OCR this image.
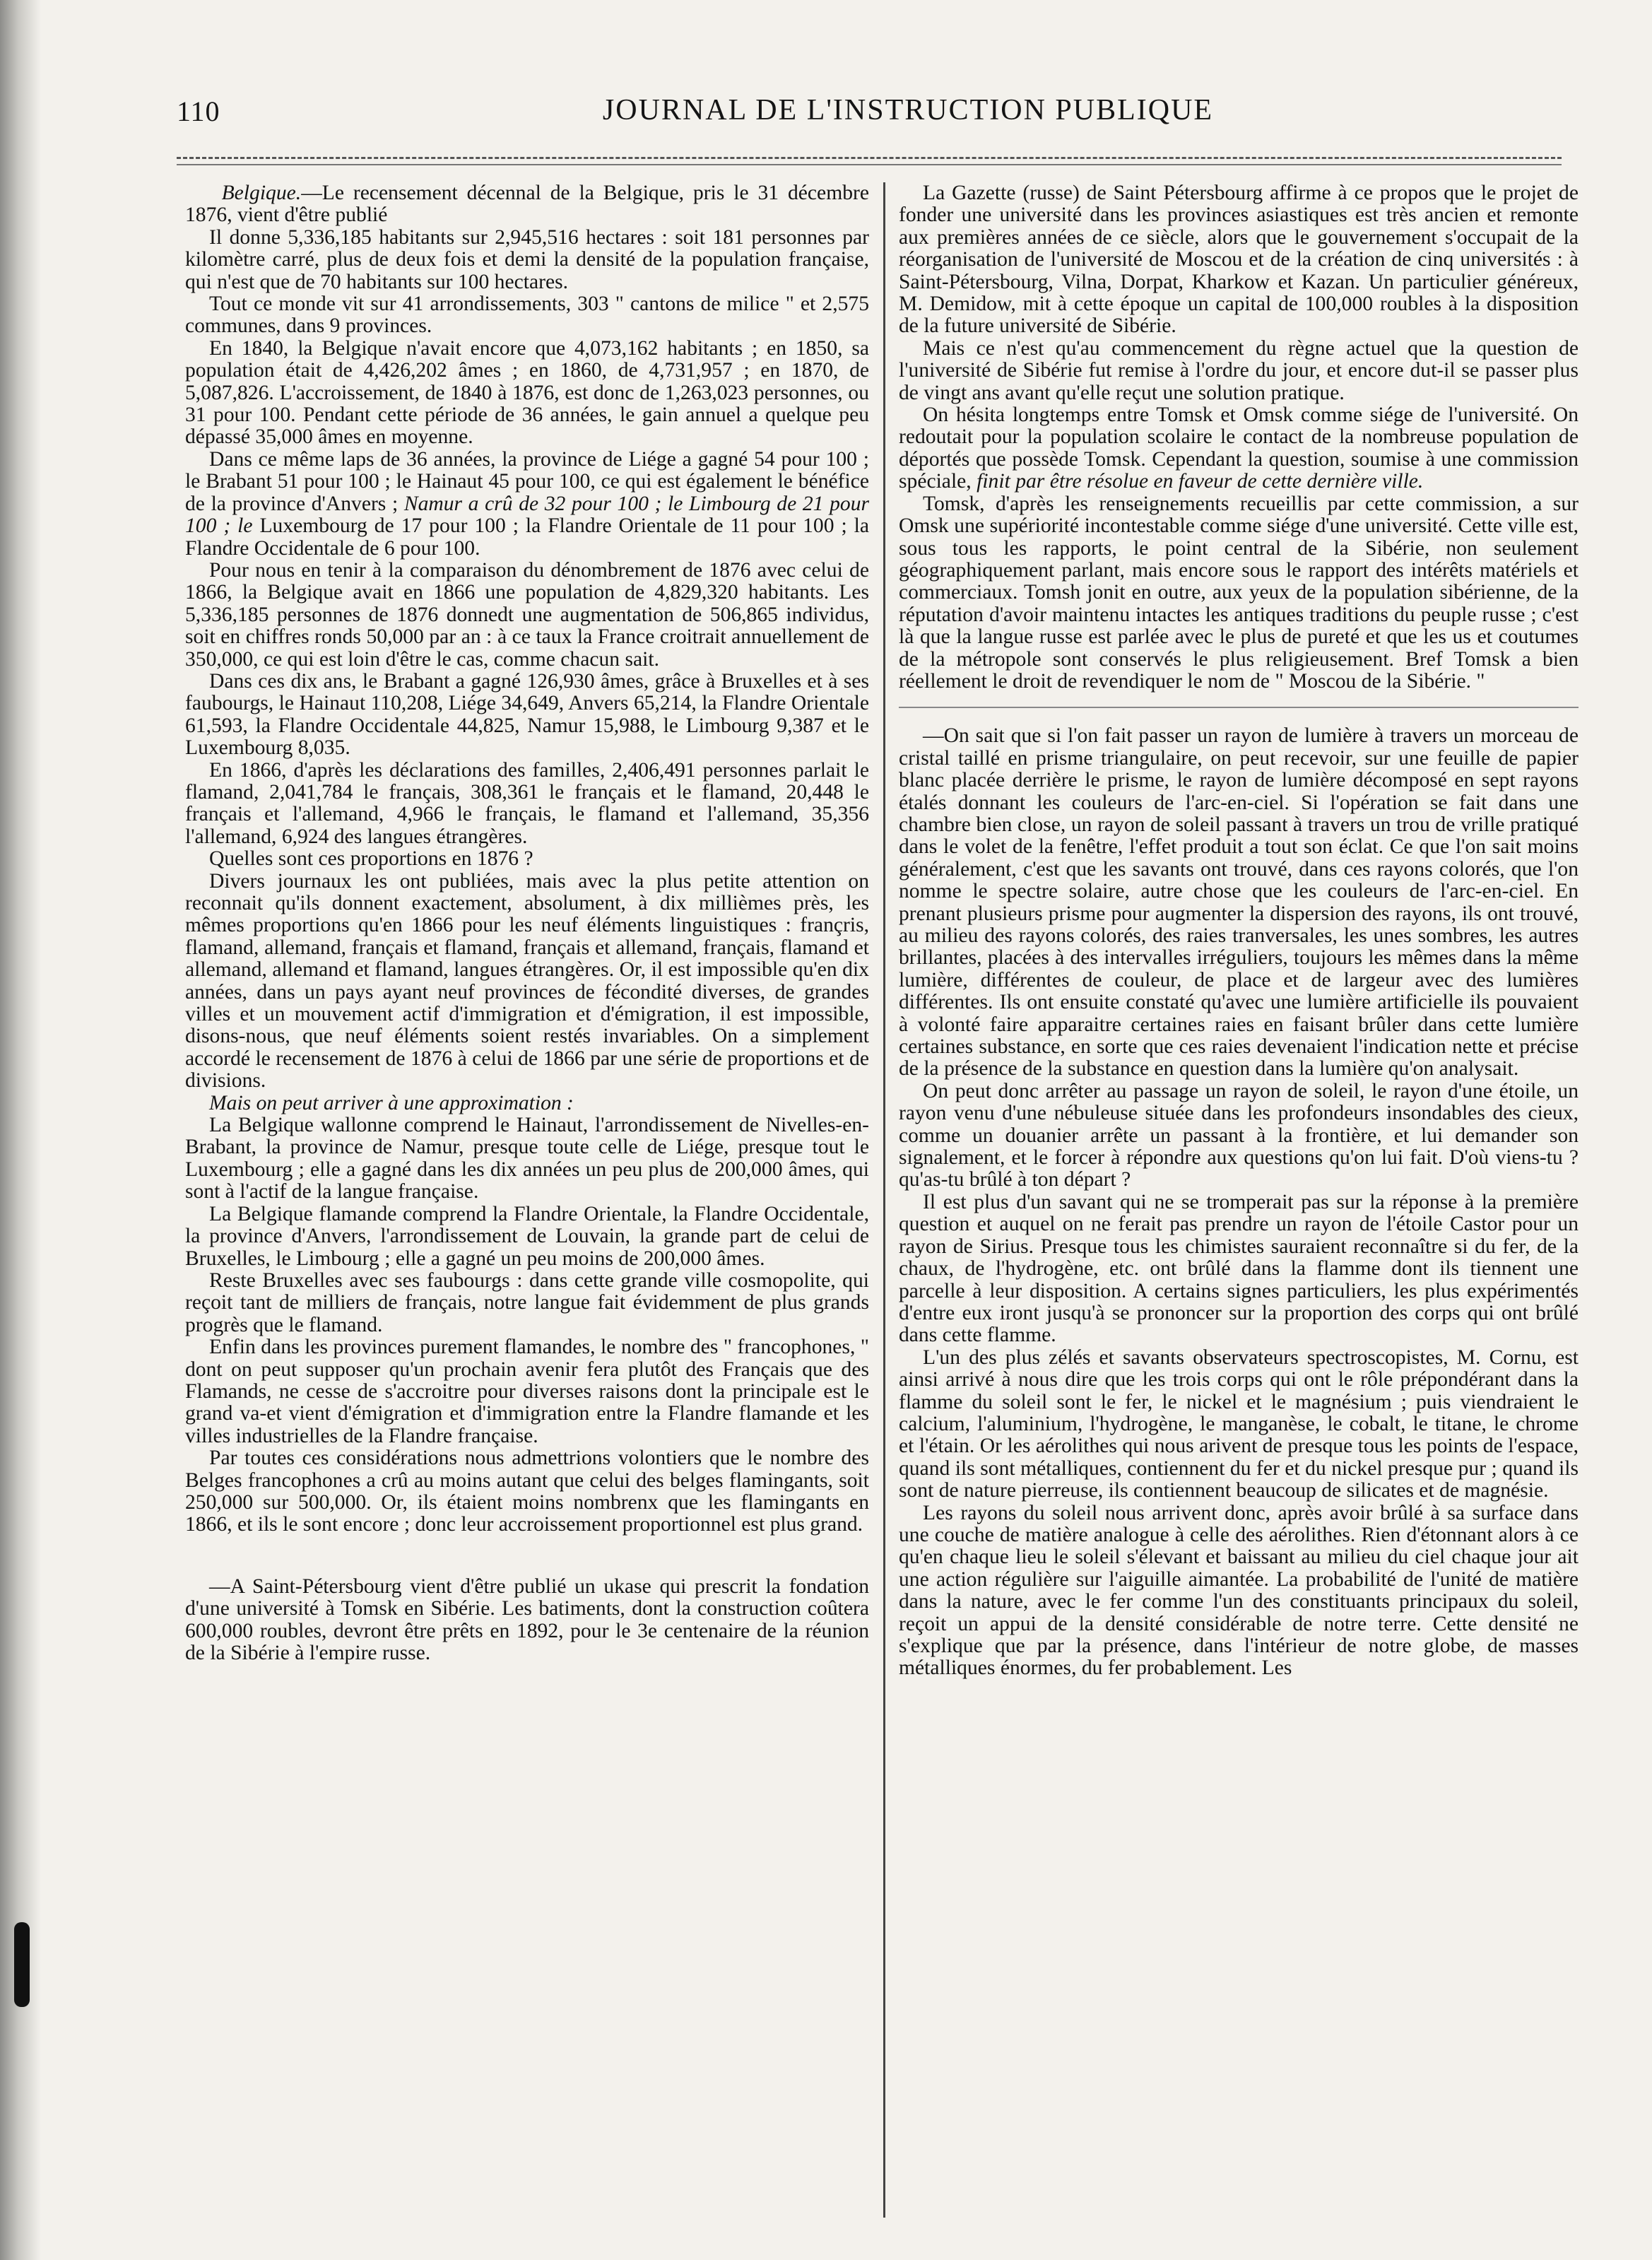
110	JOURNAL DE L'INSTRUCTION PUBLIQUE

Belgique.—Le recensement décennal de la Belgique, pris le 31 décembre 1876, vient d'être publié

Il donne 5,336,185 habitants sur 2,945,516 hectares : soit 181 personnes par kilomètre carré, plus de deux fois et demi la densité de la population française, qui n'est que de 70 habitants sur 100 hectares.

Tout ce monde vit sur 41 arrondissements, 303 " cantons de milice " et 2,575 communes, dans 9 provinces.

En 1840, la Belgique n'avait encore que 4,073,162 habitants ; en 1850, sa population était de 4,426,202 âmes ; en 1860, de 4,731,957 ; en 1870, de 5,087,826. L'accroissement, de 1840 à 1876, est donc de 1,263,023 personnes, ou 31 pour 100. Pendant cette période de 36 années, le gain annuel a quelque peu dépassé 35,000 âmes en moyenne.

Dans ce même laps de 36 années, la province de Liége a gagné 54 pour 100 ; le Brabant 51 pour 100 ; le Hainaut 45 pour 100, ce qui est également le bénéfice de la province d'Anvers ; Namur a crû de 32 pour 100 ; le Limbourg de 21 pour 100 ; le Luxembourg de 17 pour 100 ; la Flandre Orientale de 11 pour 100 ; la Flandre Occidentale de 6 pour 100.

Pour nous en tenir à la comparaison du dénombrement de 1876 avec celui de 1866, la Belgique avait en 1866 une population de 4,829,320 habitants. Les 5,336,185 personnes de 1876 donnedt une augmentation de 506,865 individus, soit en chiffres ronds 50,000 par an : à ce taux la France croitrait annuellement de 350,000, ce qui est loin d'être le cas, comme chacun sait.

Dans ces dix ans, le Brabant a gagné 126,930 âmes, grâce à Bruxelles et à ses faubourgs, le Hainaut 110,208, Liége 34,649, Anvers 65,214, la Flandre Orientale 61,593, la Flandre Occidentale 44,825, Namur 15,988, le Limbourg 9,387 et le Luxembourg 8,035.

En 1866, d'après les déclarations des familles, 2,406,491 personnes parlait le flamand, 2,041,784 le français, 308,361 le français et le flamand, 20,448 le français et l'allemand, 4,966 le français, le flamand et l'allemand, 35,356 l'allemand, 6,924 des langues étrangères.

Quelles sont ces proportions en 1876 ?

Divers journaux les ont publiées, mais avec la plus petite attention on reconnait qu'ils donnent exactement, absolument, à dix millièmes près, les mêmes proportions qu'en 1866 pour les neuf éléments linguistiques : françris, flamand, allemand, français et flamand, français et allemand, français, flamand et allemand, allemand et flamand, langues étrangères. Or, il est impossible qu'en dix années, dans un pays ayant neuf provinces de fécondité diverses, de grandes villes et un mouvement actif d'immigration et d'émigration, il est impossible, disons-nous, que neuf éléments soient restés invariables. On a simplement accordé le recensement de 1876 à celui de 1866 par une série de proportions et de divisions.

Mais on peut arriver à une approximation :

La Belgique wallonne comprend le Hainaut, l'arrondissement de Nivelles-en-Brabant, la province de Namur, presque toute celle de Liége, presque tout le Luxembourg ; elle a gagné dans les dix années un peu plus de 200,000 âmes, qui sont à l'actif de la langue française.

La Belgique flamande comprend la Flandre Orientale, la Flandre Occidentale, la province d'Anvers, l'arrondissement de Louvain, la grande part de celui de Bruxelles, le Limbourg ; elle a gagné un peu moins de 200,000 âmes.

Reste Bruxelles avec ses faubourgs : dans cette grande ville cosmopolite, qui reçoit tant de milliers de français, notre langue fait évidemment de plus grands progrès que le flamand.

Enfin dans les provinces purement flamandes, le nombre des " francophones, " dont on peut supposer qu'un prochain avenir fera plutôt des Français que des Flamands, ne cesse de s'accroitre pour diverses raisons dont la principale est le grand va-et vient d'émigration et d'immigration entre la Flandre flamande et les villes industrielles de la Flandre française.

Par toutes ces considérations nous admettrions volontiers que le nombre des Belges francophones a crû au moins autant que celui des belges flamingants, soit 250,000 sur 500,000. Or, ils étaient moins nombrenx que les flamingants en 1866, et ils le sont encore ; donc leur accroissement proportionnel est plus grand.

—A Saint-Pétersbourg vient d'être publié un ukase qui prescrit la fondation d'une université à Tomsk en Sibérie. Les batiments, dont la construction coûtera 600,000 roubles, devront être prêts en 1892, pour le 3e centenaire de la réunion de la Sibérie à l'empire russe.

La Gazette (russe) de Saint Pétersbourg affirme à ce propos que le projet de fonder une université dans les provinces asiastiques est très ancien et remonte aux premières années de ce siècle, alors que le gouvernement s'occupait de la réorganisation de l'université de Moscou et de la création de cinq universités : à Saint-Pétersbourg, Vilna, Dorpat, Kharkow et Kazan. Un particulier généreux, M. Demidow, mit à cette époque un capital de 100,000 roubles à la disposition de la future université de Sibérie.

Mais ce n'est qu'au commencement du règne actuel que la question de l'université de Sibérie fut remise à l'ordre du jour, et encore dut-il se passer plus de vingt ans avant qu'elle reçut une solution pratique.

On hésita longtemps entre Tomsk et Omsk comme siége de l'université. On redoutait pour la population scolaire le contact de la nombreuse population de déportés que possède Tomsk. Cependant la question, soumise à une commission spéciale, finit par être résolue en faveur de cette dernière ville.

Tomsk, d'après les renseignements recueillis par cette commission, a sur Omsk une supériorité incontestable comme siége d'une université. Cette ville est, sous tous les rapports, le point central de la Sibérie, non seulement géographiquement parlant, mais encore sous le rapport des intérêts matériels et commerciaux. Tomsh jonit en outre, aux yeux de la population sibérienne, de la réputation d'avoir maintenu intactes les antiques traditions du peuple russe ; c'est là que la langue russe est parlée avec le plus de pureté et que les us et coutumes de la métropole sont conservés le plus religieusement. Bref Tomsk a bien réellement le droit de revendiquer le nom de " Moscou de la Sibérie. "

—On sait que si l'on fait passer un rayon de lumière à travers un morceau de cristal taillé en prisme triangulaire, on peut recevoir, sur une feuille de papier blanc placée derrière le prisme, le rayon de lumière décomposé en sept rayons étalés donnant les couleurs de l'arc-en-ciel. Si l'opération se fait dans une chambre bien close, un rayon de soleil passant à travers un trou de vrille pratiqué dans le volet de la fenêtre, l'effet produit a tout son éclat. Ce que l'on sait moins généralement, c'est que les savants ont trouvé, dans ces rayons colorés, que l'on nomme le spectre solaire, autre chose que les couleurs de l'arc-en-ciel. En prenant plusieurs prisme pour augmenter la dispersion des rayons, ils ont trouvé, au milieu des rayons colorés, des raies tranversales, les unes sombres, les autres brillantes, placées à des intervalles irréguliers, toujours les mêmes dans la même lumière, différentes de couleur, de place et de largeur avec des lumières différentes. Ils ont ensuite constaté qu'avec une lumière artificielle ils pouvaient à volonté faire apparaitre certaines raies en faisant brûler dans cette lumière certaines substance, en sorte que ces raies devenaient l'indication nette et précise de la présence de la substance en question dans la lumière qu'on analysait.

On peut donc arrêter au passage un rayon de soleil, le rayon d'une étoile, un rayon venu d'une nébuleuse située dans les profondeurs insondables des cieux, comme un douanier arrête un passant à la frontière, et lui demander son signalement, et le forcer à répondre aux questions qu'on lui fait. D'où viens-tu ? qu'as-tu brûlé à ton départ ?

Il est plus d'un savant qui ne se tromperait pas sur la réponse à la première question et auquel on ne ferait pas prendre un rayon de l'étoile Castor pour un rayon de Sirius. Presque tous les chimistes sauraient reconnaître si du fer, de la chaux, de l'hydrogène, etc. ont brûlé dans la flamme dont ils tiennent une parcelle à leur disposition. A certains signes particuliers, les plus expérimentés d'entre eux iront jusqu'à se prononcer sur la proportion des corps qui ont brûlé dans cette flamme.

L'un des plus zélés et savants observateurs spectroscopistes, M. Cornu, est ainsi arrivé à nous dire que les trois corps qui ont le rôle prépondérant dans la flamme du soleil sont le fer, le nickel et le magnésium ; puis viendraient le calcium, l'aluminium, l'hydrogène, le manganèse, le cobalt, le titane, le chrome et l'étain. Or les aérolithes qui nous arivent de presque tous les points de l'espace, quand ils sont métalliques, contiennent du fer et du nickel presque pur ; quand ils sont de nature pierreuse, ils contiennent beaucoup de silicates et de magnésie.

Les rayons du soleil nous arrivent donc, après avoir brûlé à sa surface dans une couche de matière analogue à celle des aérolithes. Rien d'étonnant alors à ce qu'en chaque lieu le soleil s'élevant et baissant au milieu du ciel chaque jour ait une action régulière sur l'aiguille aimantée. La probabilité de l'unité de matière dans la nature, avec le fer comme l'un des constituants principaux du soleil, reçoit un appui de la densité considérable de notre terre. Cette densité ne s'explique que par la présence, dans l'intérieur de notre globe, de masses métalliques énormes, du fer probablement. Les
